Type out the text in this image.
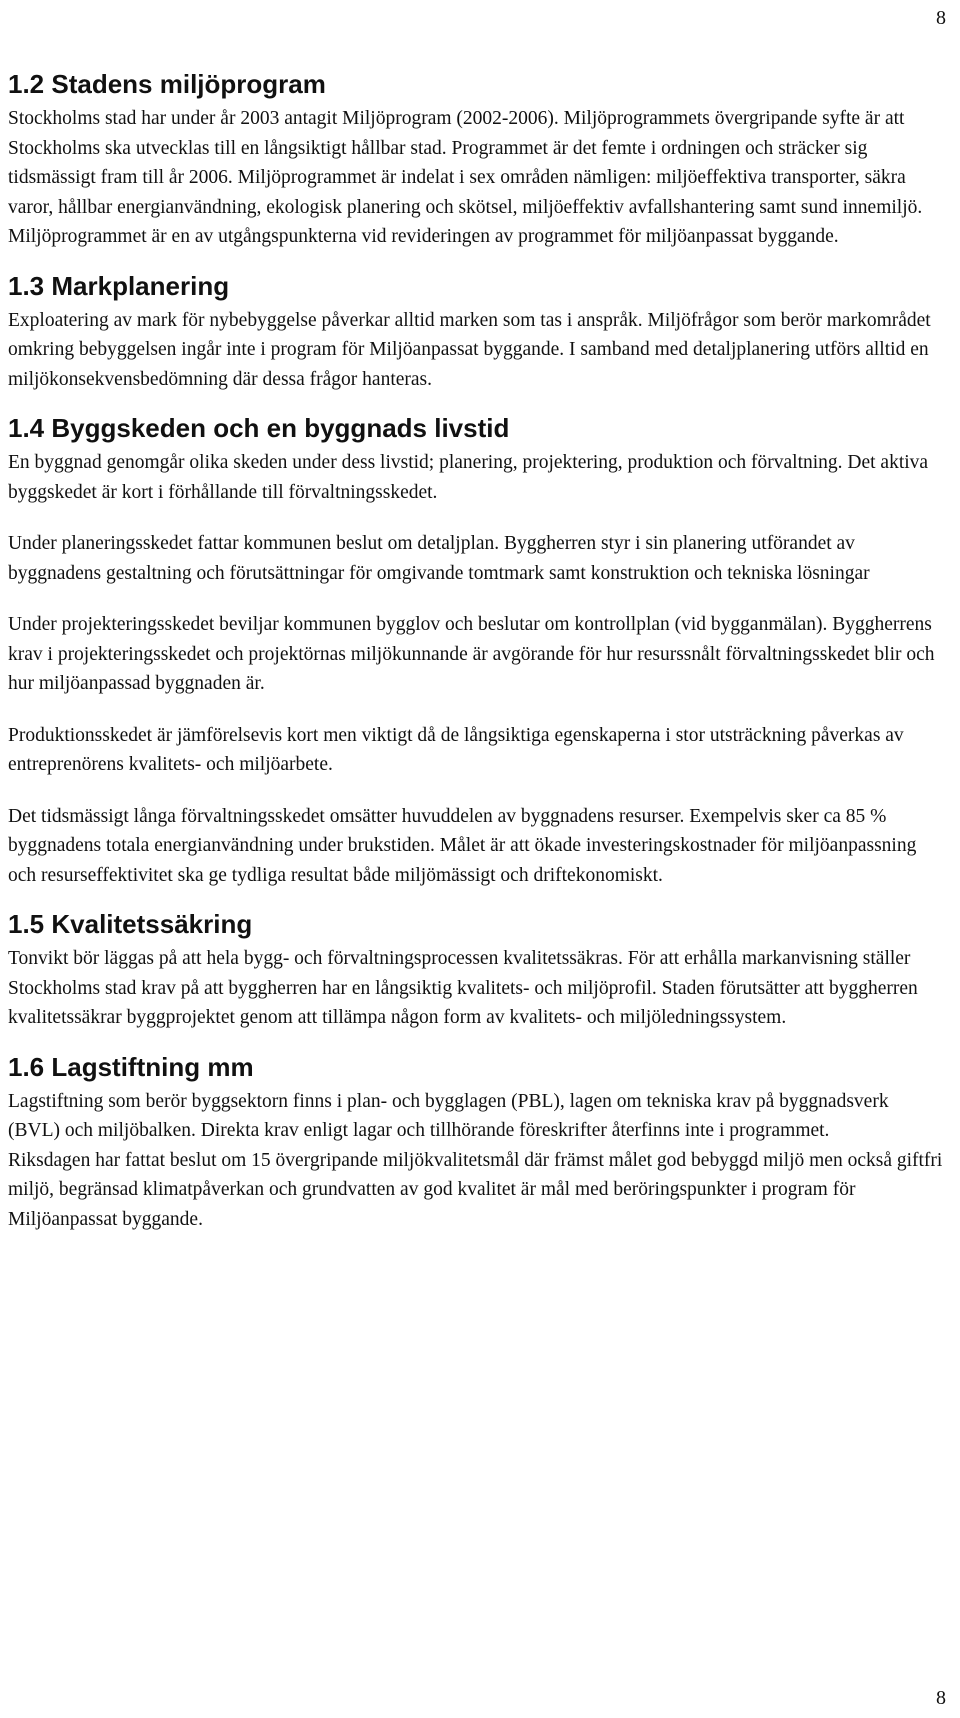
8
1.2 Stadens miljöprogram

Stockholms stad har under år 2003 antagit Miljöprogram (2002-2006). Miljöprogrammets övergripande syfte är att Stockholms ska utvecklas till en långsiktigt hållbar stad. Programmet är det femte i ordningen och sträcker sig tidsmässigt fram till år 2006. Miljöprogrammet är indelat i sex områden nämligen: miljöeffektiva transporter, säkra varor, hållbar energianvändning, ekologisk planering och skötsel, miljöeffektiv avfallshantering samt sund innemiljö. Miljöprogrammet är en av utgångspunkterna vid revideringen av programmet för miljöanpassat byggande.

1.3 Markplanering

Exploatering av mark för nybebyggelse påverkar alltid marken som tas i anspråk. Miljöfrågor som berör markområdet omkring bebyggelsen ingår inte i program för Miljöanpassat byggande. I samband med detaljplanering utförs alltid en miljökonsekvensbedömning där dessa frågor hanteras.

1.4 Byggskeden och en byggnads livstid

En byggnad genomgår olika skeden under dess livstid; planering, projektering, produktion och förvaltning. Det aktiva byggskedet är kort i förhållande till förvaltningsskedet.

Under planeringsskedet fattar kommunen beslut om detaljplan. Byggherren styr i sin planering utförandet av byggnadens gestaltning och förutsättningar för omgivande tomtmark samt konstruktion och tekniska lösningar

Under projekteringsskedet beviljar kommunen bygglov och beslutar om kontrollplan (vid bygganmälan). Byggherrens krav i projekteringsskedet och projektörnas miljökunnande är avgörande för hur resurssnålt förvaltningsskedet blir och hur miljöanpassad byggnaden är.

Produktionsskedet är jämförelsevis kort men viktigt då de långsiktiga egenskaperna i stor utsträckning påverkas av entreprenörens kvalitets- och miljöarbete.

Det tidsmässigt långa förvaltningsskedet omsätter huvuddelen av byggnadens resurser. Exempelvis sker ca 85 % byggnadens totala energianvändning under brukstiden. Målet är att ökade investeringskostnader för miljöanpassning och resurseffektivitet ska ge tydliga resultat både miljömässigt och driftekonomiskt.

1.5 Kvalitetssäkring

Tonvikt bör läggas på att hela bygg- och förvaltningsprocessen kvalitetssäkras. För att erhålla markanvisning ställer Stockholms stad krav på att byggherren har en långsiktig kvalitets- och miljöprofil. Staden förutsätter att byggherren kvalitetssäkrar byggprojektet genom att tillämpa någon form av kvalitets- och miljöledningssystem.

1.6 Lagstiftning mm

Lagstiftning som berör byggsektorn finns i plan- och bygglagen (PBL), lagen om tekniska krav på byggnadsverk (BVL) och miljöbalken. Direkta krav enligt lagar och tillhörande föreskrifter återfinns inte i programmet.

Riksdagen har fattat beslut om 15 övergripande miljökvalitetsmål där främst målet god bebyggd miljö men också giftfri miljö, begränsad klimatpåverkan och grundvatten av god kvalitet är mål med beröringspunkter i program för Miljöanpassat byggande.

8
